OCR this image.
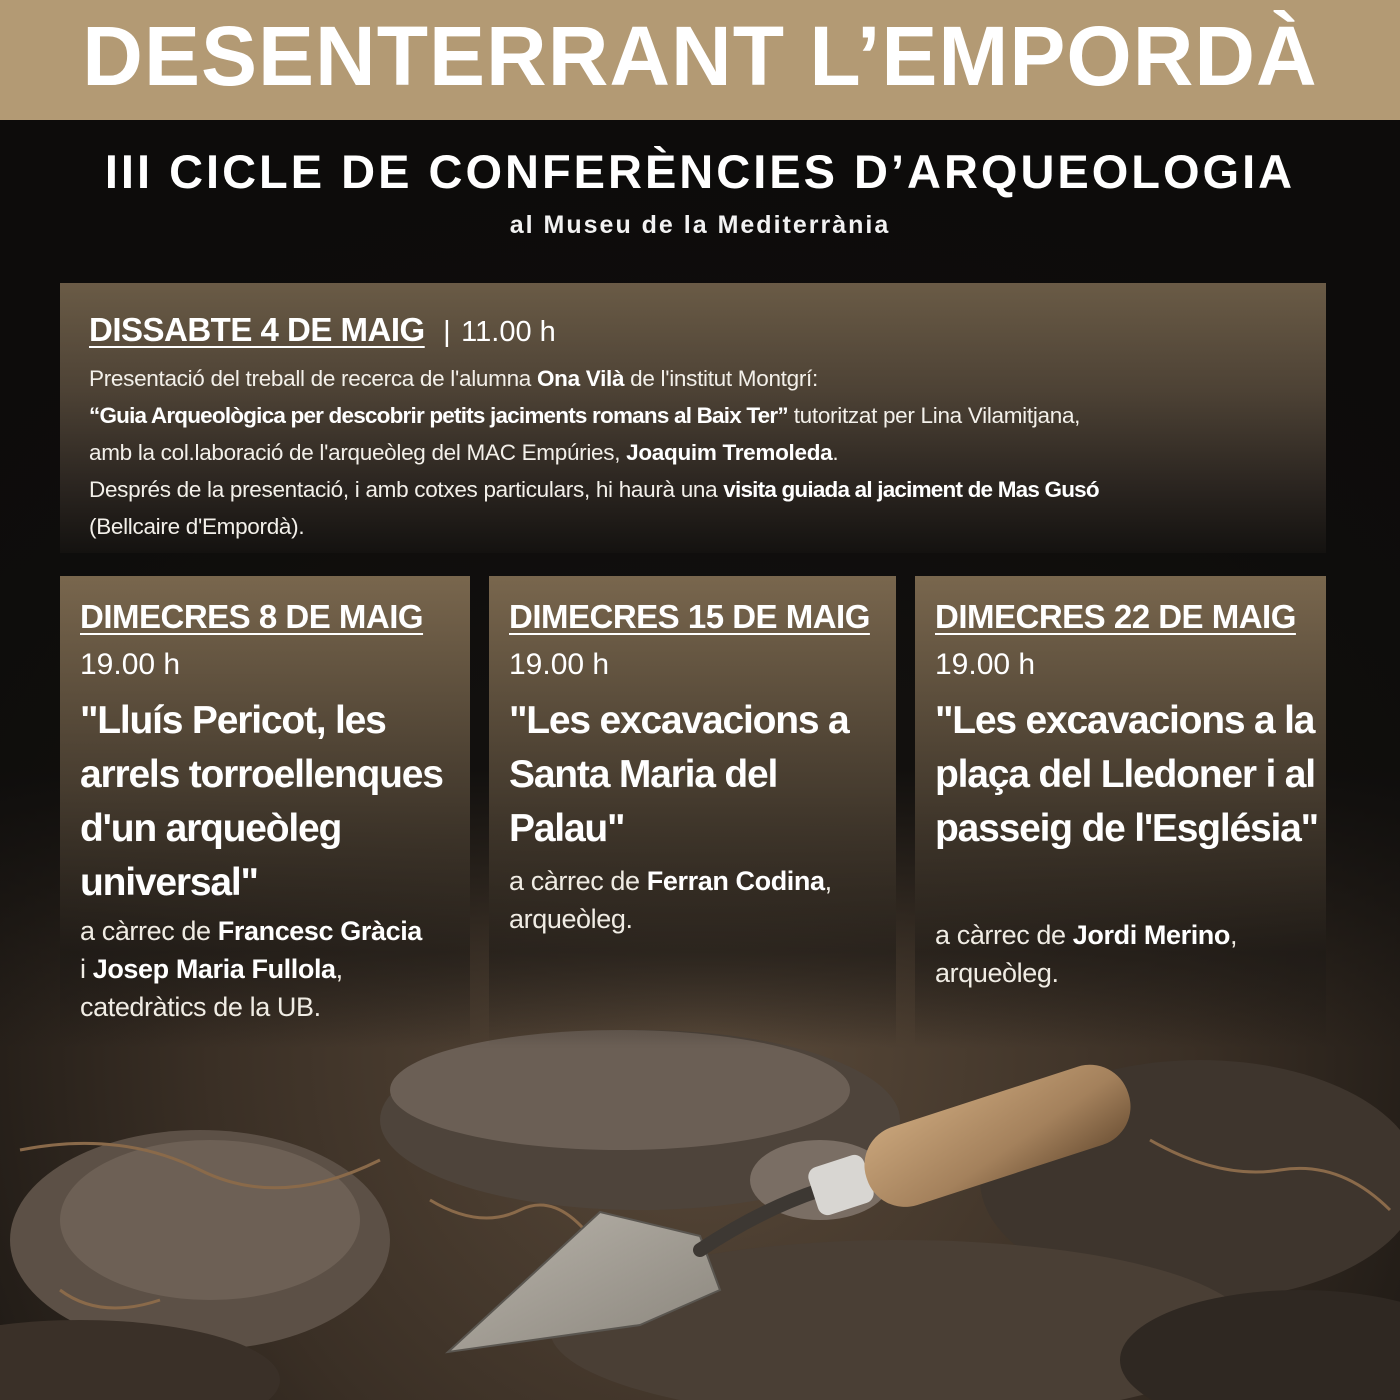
DESENTERRANT L’EMPORDÀ
III CICLE DE CONFERÈNCIES D’ARQUEOLOGIA
al Museu de la Mediterrània
DISSABTE 4 DE MAIG | 11.00 h
Presentació del treball de recerca de l'alumna Ona Vilà de l'institut Montgrí:
“Guia Arqueològica per descobrir petits jaciments romans al Baix Ter” tutoritzat per Lina Vilamitjana,
amb la col.laboració de l'arqueòleg del MAC Empúries, Joaquim Tremoleda.
Després de la presentació, i amb cotxes particulars, hi haurà una visita guiada al jaciment de Mas Gusó
(Bellcaire d'Empordà).
DIMECRES 8 DE MAIG
19.00 h
"Lluís Pericot, les arrels torroellenques d'un arqueòleg universal"
a càrrec de Francesc Gràcia
i Josep Maria Fullola, catedràtics de la UB.
DIMECRES 15 DE MAIG
19.00 h
"Les excavacions a Santa Maria del Palau"
a càrrec de Ferran Codina, arqueòleg.
DIMECRES 22 DE MAIG
19.00 h
"Les excavacions a la plaça del Lledoner i al passeig de l'Església"
a càrrec de Jordi Merino, arqueòleg.
